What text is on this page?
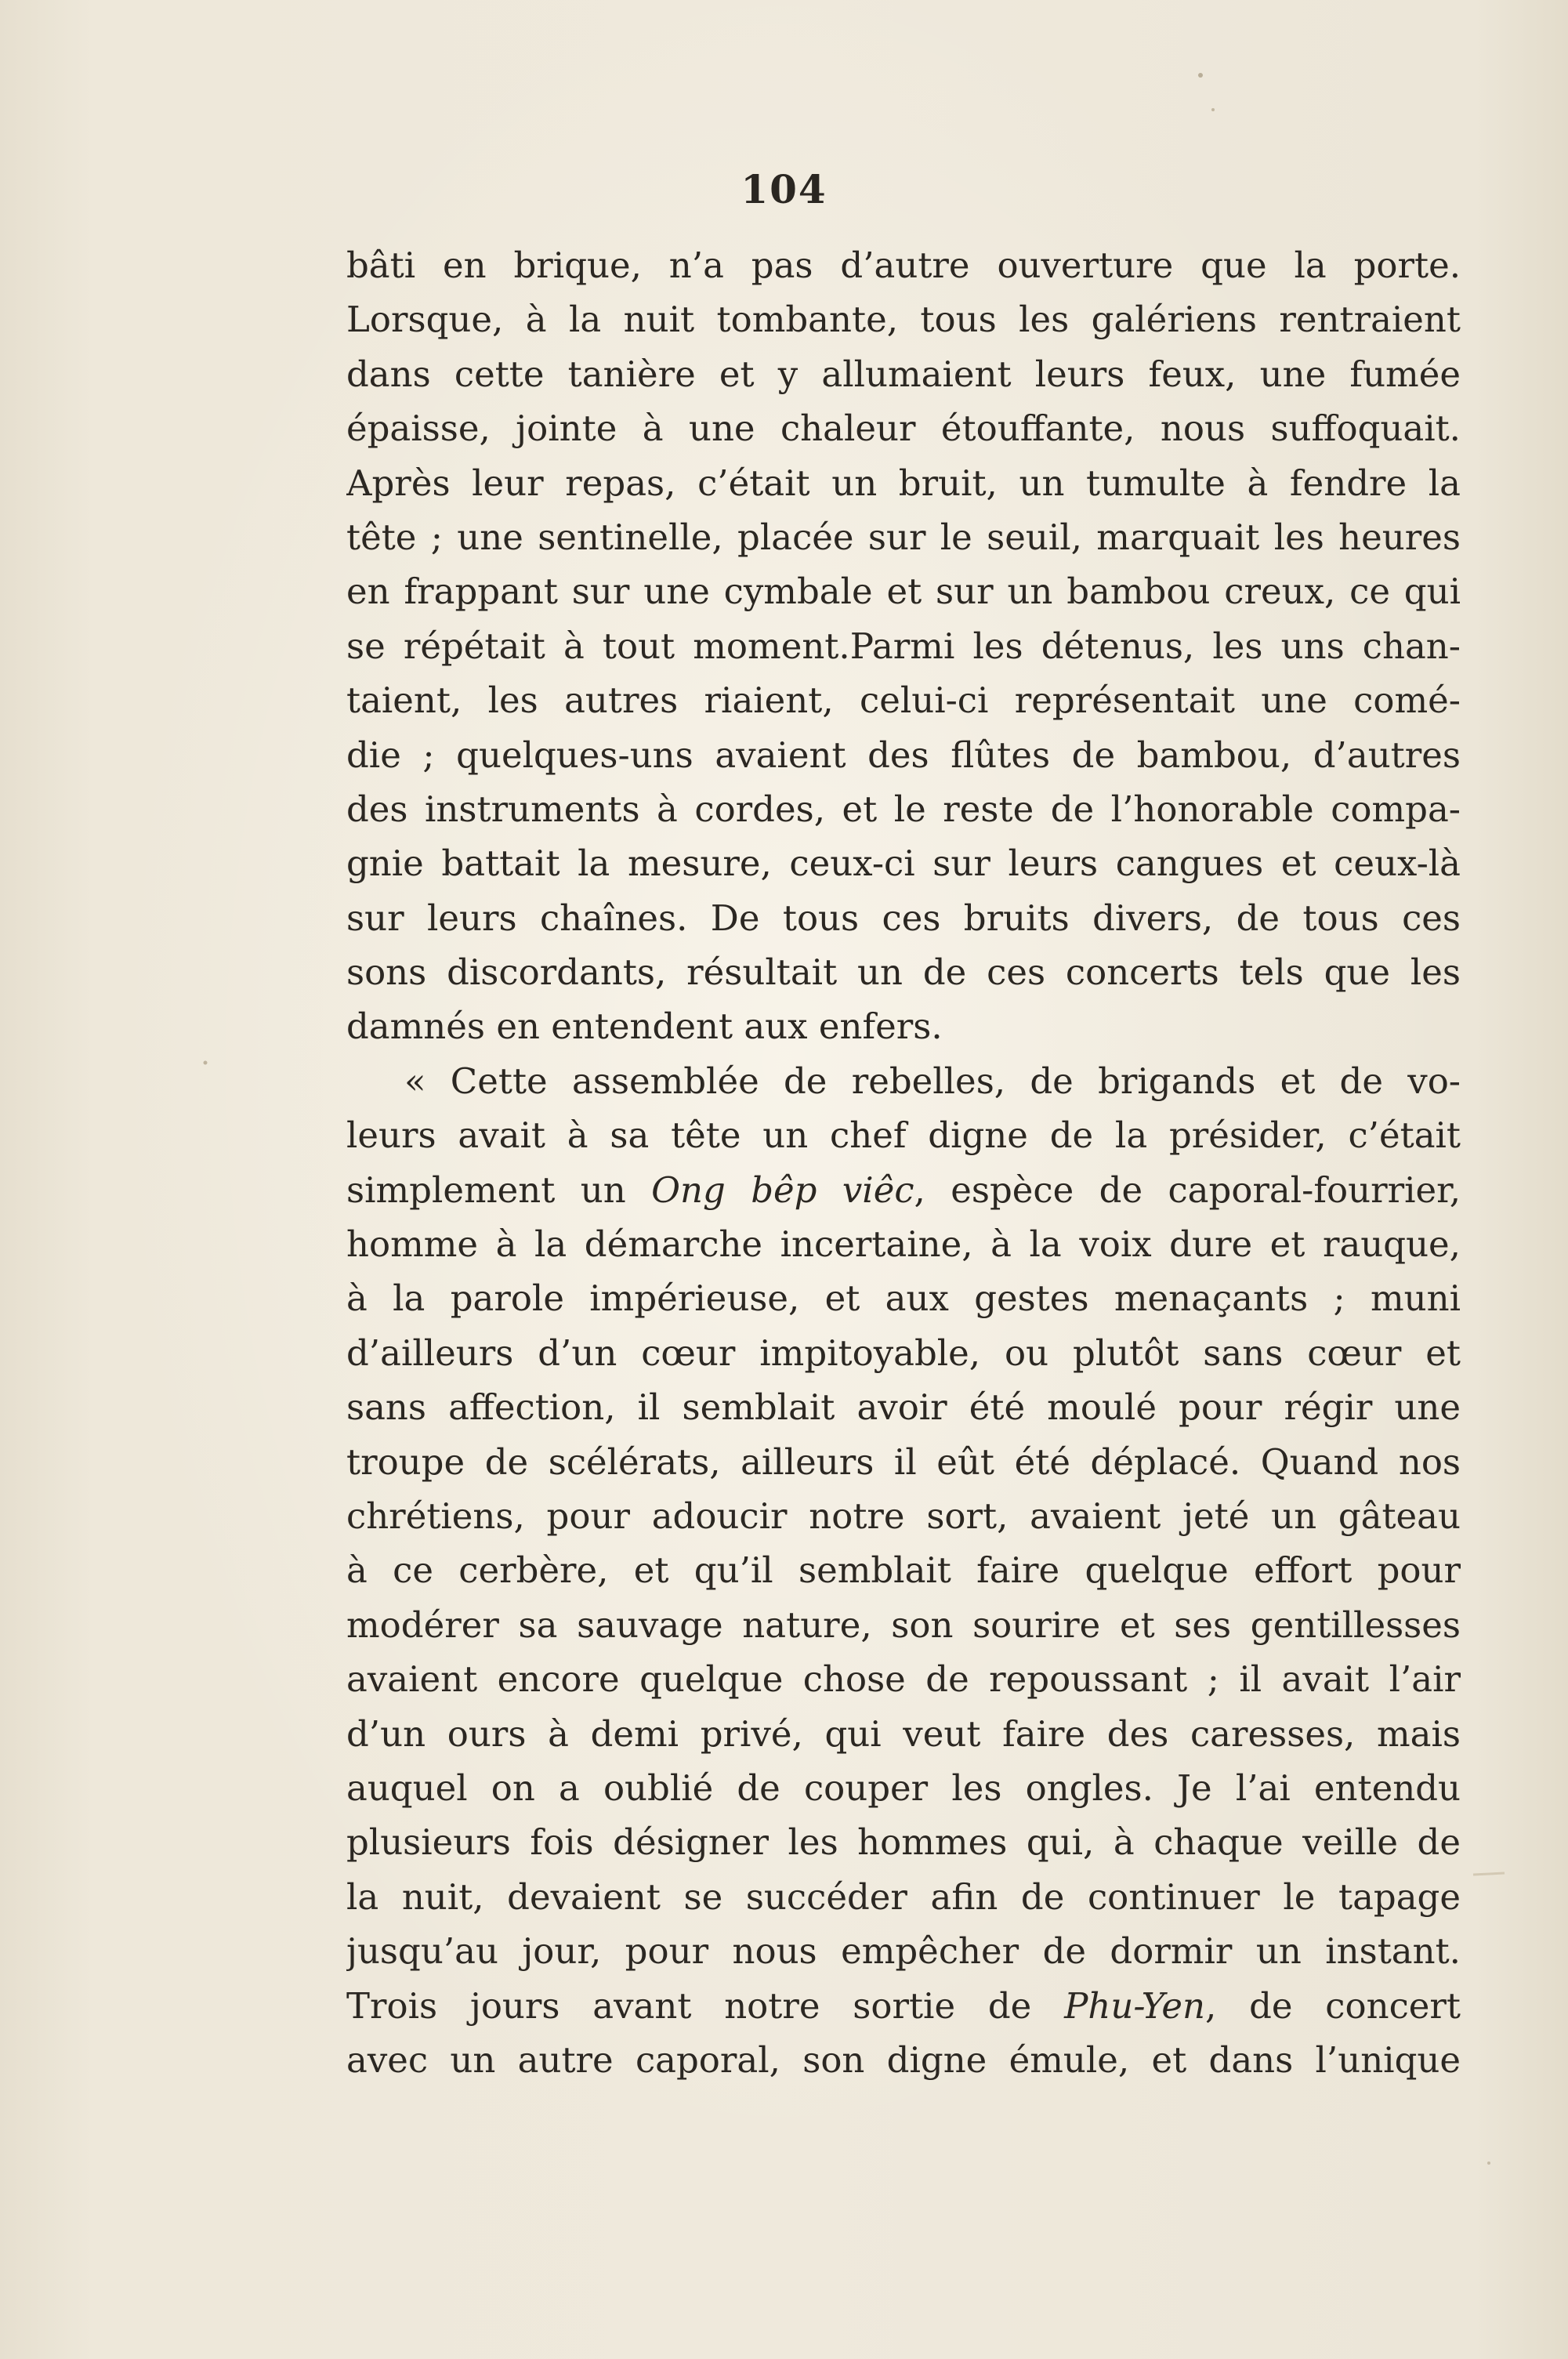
104
bâti en brique, n’a pas d’autre ouverture que la porte.
Lorsque, à la nuit tombante, tous les galériens rentraient
dans cette tanière et y allumaient leurs feux, une fumée
épaisse, jointe à une chaleur étouffante, nous suffoquait.
Après leur repas, c’était un bruit, un tumulte à fendre la
tête ; une sentinelle, placée sur le seuil, marquait les heures
en frappant sur une cymbale et sur un bambou creux, ce qui
se répétait à tout moment.Parmi les détenus, les uns chan-
taient, les autres riaient, celui-ci représentait une comé-
die ; quelques-uns avaient des flûtes de bambou, d’autres
des instruments à cordes, et le reste de l’honorable compa-
gnie battait la mesure, ceux-ci sur leurs cangues et ceux-là
sur leurs chaînes. De tous ces bruits divers, de tous ces
sons discordants, résultait un de ces concerts tels que les
damnés en entendent aux enfers.
« Cette assemblée de rebelles, de brigands et de vo-
leurs avait à sa tête un chef digne de la présider, c’était
simplement un Ong bêp viêc, espèce de caporal-fourrier,
homme à la démarche incertaine, à la voix dure et rauque,
à la parole impérieuse, et aux gestes menaçants ; muni
d’ailleurs d’un cœur impitoyable, ou plutôt sans cœur et
sans affection, il semblait avoir été moulé pour régir une
troupe de scélérats, ailleurs il eût été déplacé. Quand nos
chrétiens, pour adoucir notre sort, avaient jeté un gâteau
à ce cerbère, et qu’il semblait faire quelque effort pour
modérer sa sauvage nature, son sourire et ses gentillesses
avaient encore quelque chose de repoussant ; il avait l’air
d’un ours à demi privé, qui veut faire des caresses, mais
auquel on a oublié de couper les ongles. Je l’ai entendu
plusieurs fois désigner les hommes qui, à chaque veille de
la nuit, devaient se succéder afin de continuer le tapage
jusqu’au jour, pour nous empêcher de dormir un instant.
Trois jours avant notre sortie de Phu-Yen, de concert
avec un autre caporal, son digne émule, et dans l’unique
